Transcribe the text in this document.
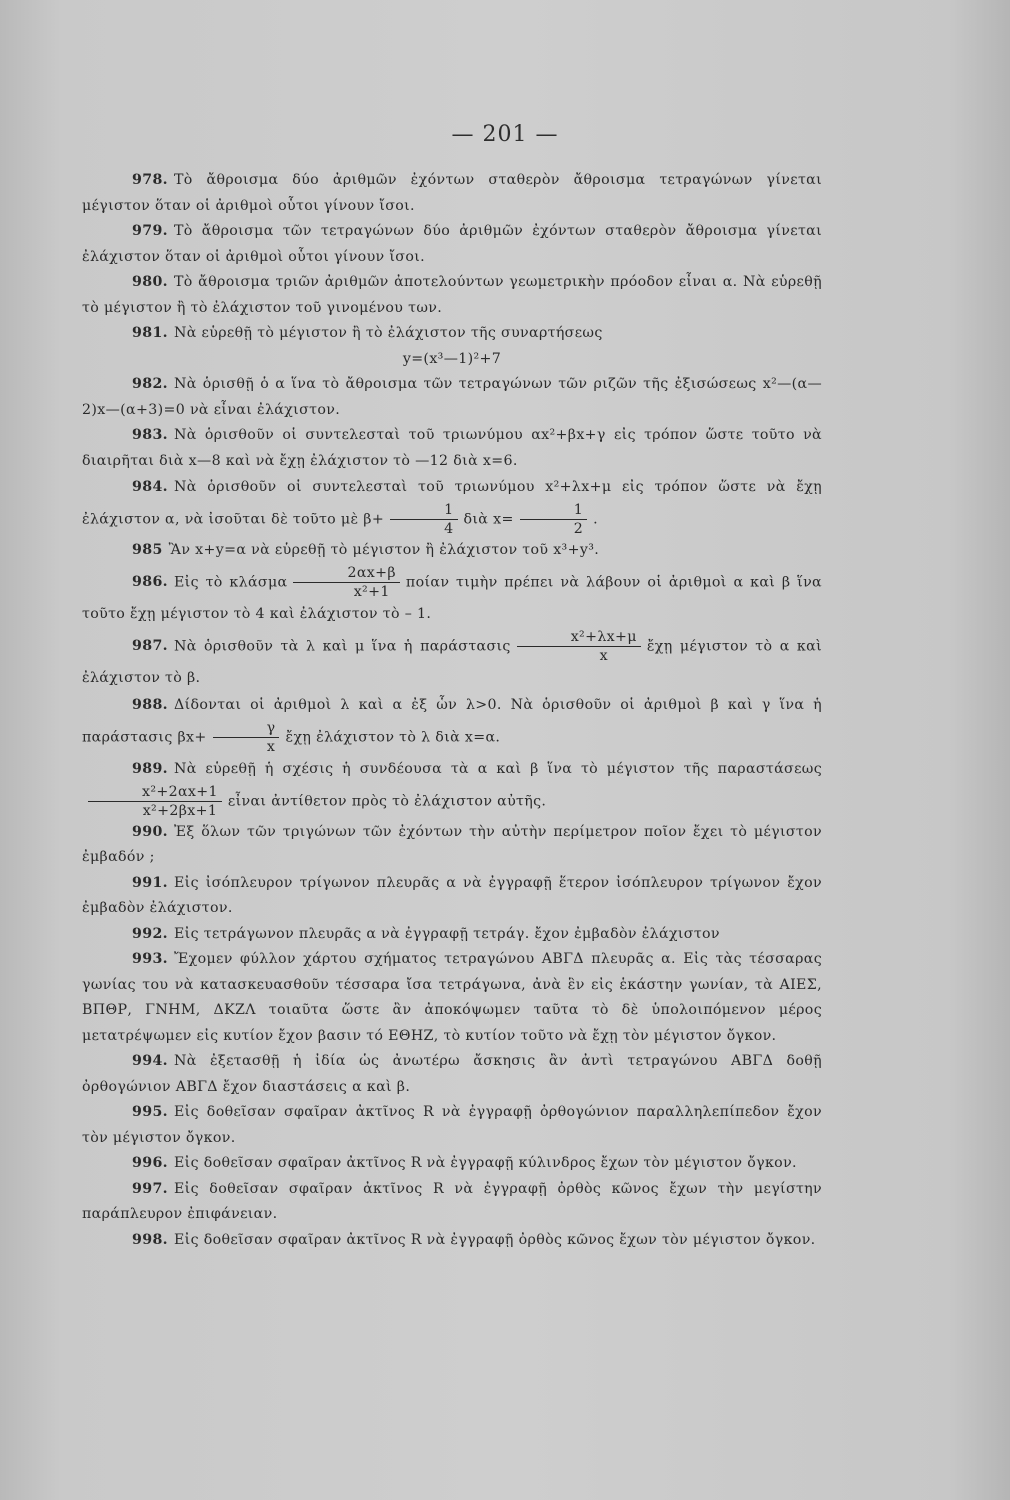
— 201 —

978. Τὸ ἄθροισμα δύο ἀριθμῶν ἐχόντων σταθερὸν ἄθροισμα τετραγώνων γίνεται μέγιστον ὅταν οἱ ἀριθμοὶ οὗτοι γίνουν ἴσοι.

979. Τὸ ἄθροισμα τῶν τετραγώνων δύο ἀριθμῶν ἐχόντων σταθερὸν ἄθροισμα γίνεται ἐλάχιστον ὅταν οἱ ἀριθμοὶ οὗτοι γίνουν ἴσοι.

980. Τὸ ἄθροισμα τριῶν ἀριθμῶν ἀποτελούντων γεωμετρικὴν πρόοδον εἶναι α. Νὰ εὑρεθῇ τὸ μέγιστον ἢ τὸ ἐλάχιστον τοῦ γινομένου των.

981. Νὰ εὑρεθῇ τὸ μέγιστον ἢ τὸ ἐλάχιστον τῆς συναρτήσεως

y=(x³—1)²+7

982. Νὰ ὁρισθῇ ὁ α ἵνα τὸ ἄθροισμα τῶν τετραγώνων τῶν ριζῶν τῆς ἐξισώσεως x²—(α—2)x—(α+3)=0 νὰ εἶναι ἐλάχιστον.

983. Νὰ ὁρισθοῦν οἱ συντελεσταὶ τοῦ τριωνύμου αx²+βx+γ εἰς τρόπον ὥστε τοῦτο νὰ διαιρῆται διὰ x—8 καὶ νὰ ἔχῃ ἐλάχιστον τὸ —12 διὰ x=6.

984. Νὰ ὁρισθοῦν οἱ συντελεσταὶ τοῦ τριωνύμου x²+λx+μ εἰς τρόπον ὥστε νὰ ἔχῃ ἐλάχιστον α, νὰ ἰσοῦται δὲ τοῦτο μὲ $\beta+ \frac{1}{4}$ διὰ $x= \frac{1}{2}$ .

985 Ἂν x+y=α νὰ εὑρεθῇ τὸ μέγιστον ἢ ἐλάχιστον τοῦ x³+y³.

986. Εἰς τὸ κλάσμα $\frac{2\alpha x+\beta}{\text{x²+1}}$ ποίαν τιμὴν πρέπει νὰ λάβουν οἱ ἀριθμοὶ α καὶ β ἵνα τοῦτο ἔχῃ μέγιστον τὸ 4 καὶ ἐλάχιστον τὸ – 1.

987. Νὰ ὁρισθοῦν τὰ λ καὶ μ ἵνα ἡ παράστασις $\frac{\text{x²+λx+μ}}{x}$ ἔχῃ μέγιστον τὸ α καὶ ἐλάχιστον τὸ β.

988. Δίδονται οἱ ἀριθμοὶ λ καὶ α ἐξ ὧν λ>0. Νὰ ὁρισθοῦν οἱ ἀριθμοὶ β καὶ γ ἵνα ἡ παράστασις $\beta x+ \frac{\gamma}{x}$ ἔχῃ ἐλάχιστον τὸ λ διὰ x=α.

989. Νὰ εὑρεθῇ ἡ σχέσις ἡ συνδέουσα τὰ α καὶ β ἵνα τὸ μέγιστον τῆς παραστάσεως
$\frac{\text{x²+2αx+1}}{\text{x²+2βx+1}}$ εἶναι ἀντίθετον πρὸς τὸ ἐλάχιστον αὐτῆς.

990. Ἐξ ὅλων τῶν τριγώνων τῶν ἐχόντων τὴν αὐτὴν περίμετρον ποῖον ἔχει τὸ μέγιστον ἐμβαδόν ;

991. Εἰς ἰσόπλευρον τρίγωνον πλευρᾶς α νὰ ἐγγραφῇ ἕτερον ἰσόπλευρον τρίγωνον ἔχον ἐμβαδὸν ἐλάχιστον.

992. Εἰς τετράγωνον πλευρᾶς α νὰ ἐγγραφῇ τετράγ. ἔχον ἐμβαδὸν ἐλάχιστον

993. Ἔχομεν φύλλον χάρτου σχήματος τετραγώνου ΑΒΓΔ πλευρᾶς α. Εἰς τὰς τέσσαρας γωνίας του νὰ κατασκευασθοῦν τέσσαρα ἴσα τετράγωνα, ἀνὰ ἓν εἰς ἑκάστην γωνίαν, τὰ ΑΙΕΣ, ΒΠΘΡ, ΓΝΗΜ, ΔΚΖΛ τοιαῦτα ὥστε ἂν ἀποκόψωμεν ταῦτα τὸ δὲ ὑπολοιπόμενον μέρος μετατρέψωμεν εἰς κυτίον ἔχον βασιν τό ΕΘΗΖ, τὸ κυτίον τοῦτο νὰ ἔχῃ τὸν μέγιστον ὄγκον.

994. Νὰ ἐξετασθῇ ἡ ἰδία ὡς ἀνωτέρω ἄσκησις ἂν ἀντὶ τετραγώνου ΑΒΓΔ δοθῇ ὀρθογώνιον ΑΒΓΔ ἔχον διαστάσεις α καὶ β.

995. Εἰς δοθεῖσαν σφαῖραν ἀκτῖνος R νὰ ἐγγραφῇ ὀρθογώνιον παραλληλεπίπεδον ἔχον τὸν μέγιστον ὄγκον.

996. Εἰς δοθεῖσαν σφαῖραν ἀκτῖνος R νὰ ἐγγραφῇ κύλινδρος ἔχων τὸν μέγιστον ὄγκον.

997. Εἰς δοθεῖσαν σφαῖραν ἀκτῖνος R νὰ ἐγγραφῇ ὀρθὸς κῶνος ἔχων τὴν μεγίστην παράπλευρον ἐπιφάνειαν.

998. Εἰς δοθεῖσαν σφαῖραν ἀκτῖνος R νὰ ἐγγραφῇ ὀρθὸς κῶνος ἔχων τὸν μέγιστον ὄγκον.
